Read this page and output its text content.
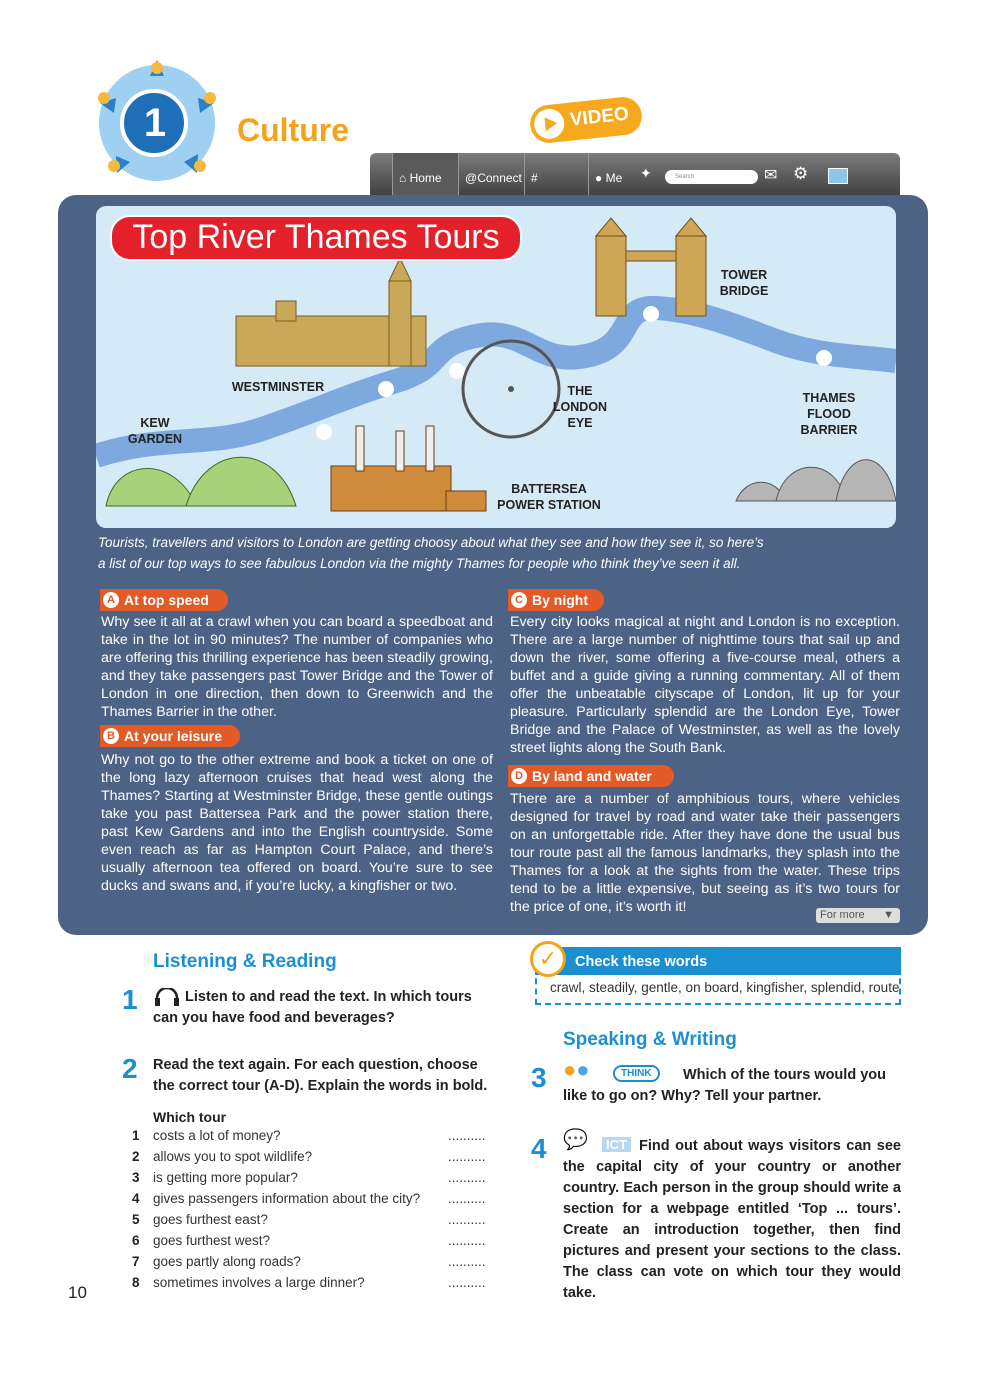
1	Culture	VIDEO
⌂ Home	@Connect #	● Me	✦	Search	✉ ⚙
Top River Thames Tours
KEW
GARDEN
WESTMINSTER	THE
LONDON
EYE
BATTERSEA
POWER STATION
TOWER
BRIDGE
THAMES
FLOOD
BARRIER
Tourists, travellers and visitors to London are getting choosy about what they see and how they see it, so here’s
a list of our top ways to see fabulous London via the mighty Thames for people who think they’ve seen it all.
A At top speed
Why see it all at a crawl when you can board a speedboat and take in the lot in 90 minutes? The number of companies who are offering this thrilling experience has been steadily growing, and they take passengers past Tower Bridge and the Tower of London in one direction, then down to Greenwich and the Thames Barrier in the other.
B At your leisure
Why not go to the other extreme and book a ticket on one of the long lazy afternoon cruises that head west along the Thames? Starting at Westminster Bridge, these gentle outings take you past Battersea Park and the power station there, past Kew Gardens and into the English countryside. Some even reach as far as Hampton Court Palace, and there’s usually afternoon tea offered on board. You’re sure to see ducks and swans and, if you’re lucky, a kingfisher or two.
C By night
Every city looks magical at night and London is no exception. There are a large number of nighttime tours that sail up and down the river, some offering a five-course meal, others a buffet and a guide giving a running commentary. All of them offer the unbeatable cityscape of London, lit up for your pleasure. Particularly splendid are the London Eye, Tower Bridge and the Palace of Westminster, as well as the lovely street lights along the South Bank.
D By land and water
There are a number of amphibious tours, where vehicles designed for travel by road and water take their passengers on an unforgettable ride. After they have done the usual bus tour route past all the famous landmarks, they splash into the Thames for a look at the sights from the water. These trips tend to be a little expensive, but seeing as it’s two tours for the price of one, it’s worth it!	For more ▼
Listening & Reading
1	Listen to and read the text. In which tours can you have food and beverages?
2 Read the text again. For each question, choose the correct tour (A-D). Explain the words in bold.
Which tour
1 costs a lot of money?	..........
2 allows you to spot wildlife?	..........
3 is getting more popular?	..........
4 gives passengers information about the city? ..........
5 goes furthest east?	..........
6 goes furthest west?	..........
7 goes partly along roads?	..........
8 sometimes involves a large dinner?	..........
Check these words
✓
crawl, steadily, gentle, on board, kingfisher, splendid, route
Speaking & Writing
3 ●●	THINK	Which of the tours would you like to go on? Why? Tell your partner.
4 💬	ICT Find out about ways visitors can see the capital city of your country or another country. Each person in the group should write a section for a webpage entitled ‘Top ... tours’. Create an introduction together, then find pictures and present your sections to the class. The class can vote on which tour they would take.
10
